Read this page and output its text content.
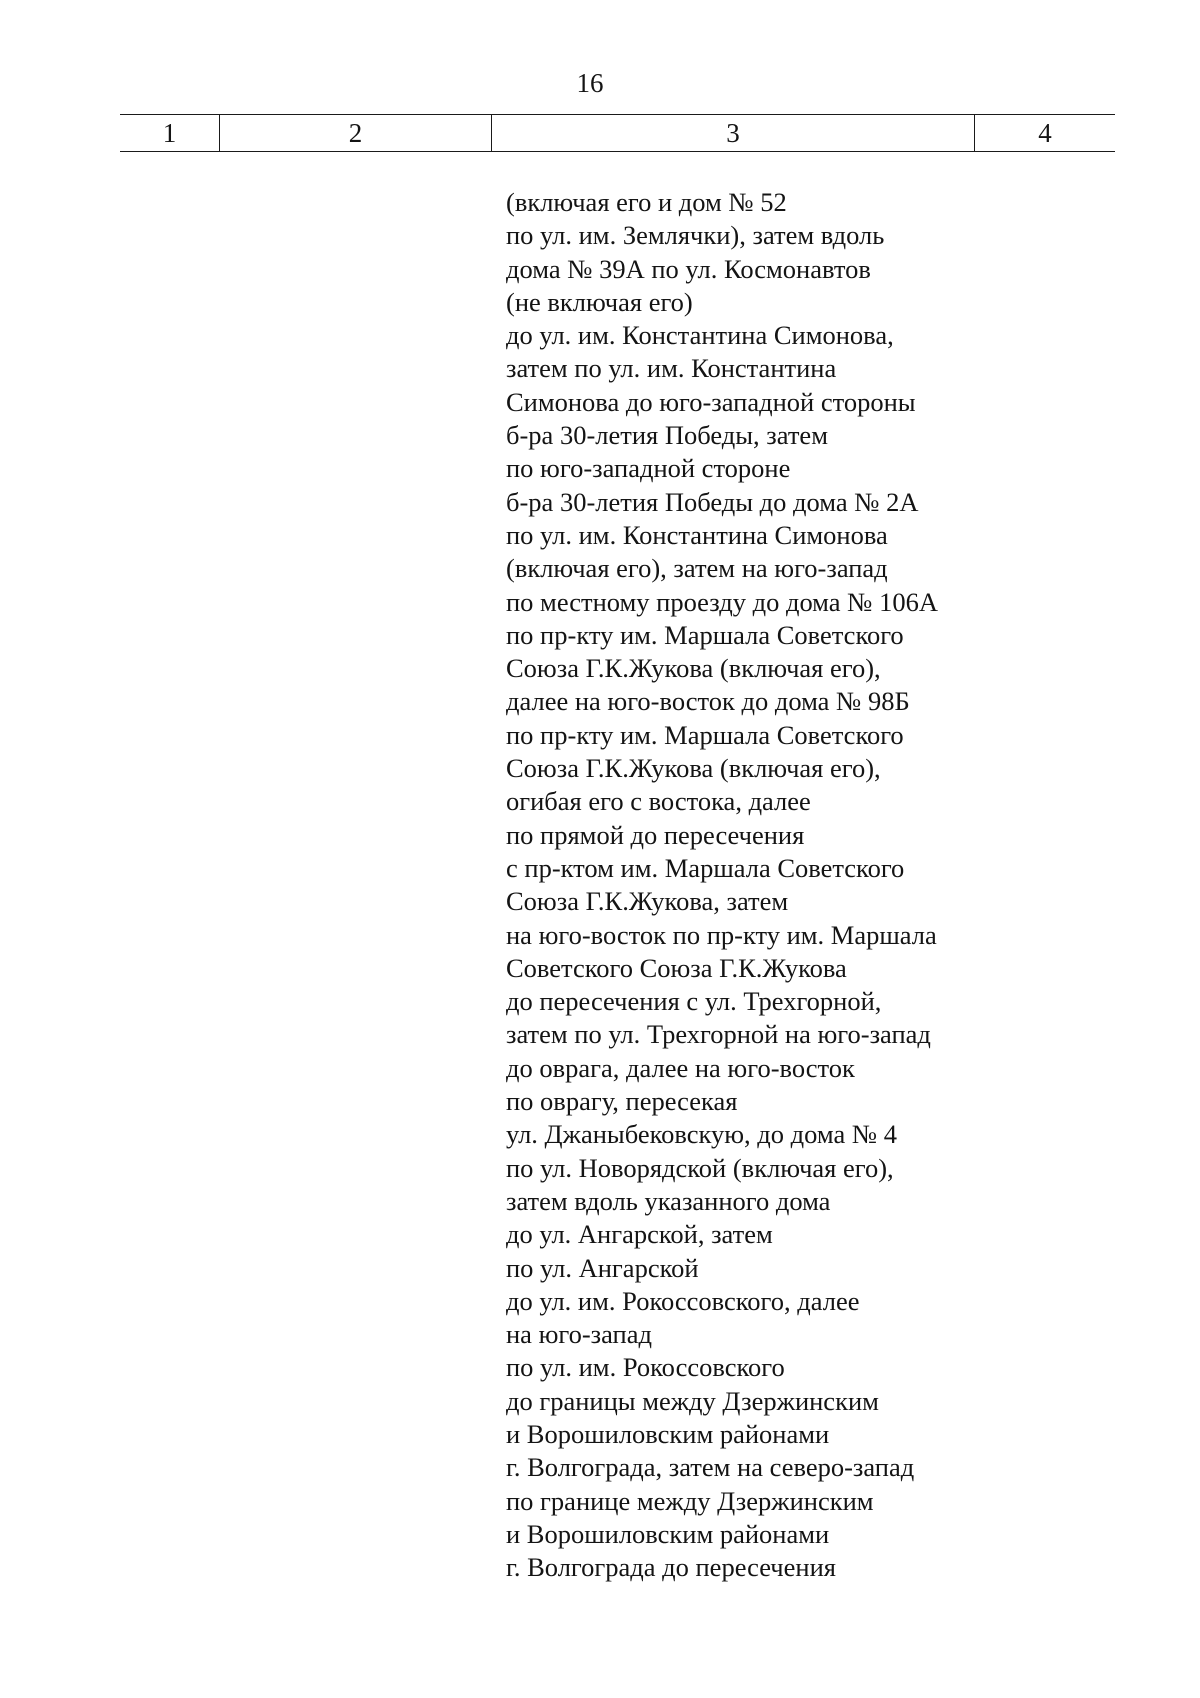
16
1	2	3	4
(включая его и дом № 52
по ул. им. Землячки), затем вдоль
дома № 39А по ул. Космонавтов
(не включая его)
до ул. им. Константина Симонова,
затем по ул. им. Константина
Симонова до юго-западной стороны
б-ра 30-летия Победы, затем
по юго-западной стороне
б-ра 30-летия Победы до дома № 2А
по ул. им. Константина Симонова
(включая его), затем на юго-запад
по местному проезду до дома № 106А
по пр-кту им. Маршала Советского
Союза Г.К.Жукова (включая его),
далее на юго-восток до дома № 98Б
по пр-кту им. Маршала Советского
Союза Г.К.Жукова (включая его),
огибая его с востока, далее
по прямой до пересечения
с пр-ктом им. Маршала Советского
Союза Г.К.Жукова, затем
на юго-восток по пр-кту им. Маршала
Советского Союза Г.К.Жукова
до пересечения с ул. Трехгорной,
затем по ул. Трехгорной на юго-запад
до оврага, далее на юго-восток
по оврагу, пересекая
ул. Джаныбековскую, до дома № 4
по ул. Новорядской (включая его),
затем вдоль указанного дома
до ул. Ангарской, затем
по ул. Ангарской
до ул. им. Рокоссовского, далее
на юго-запад
по ул. им. Рокоссовского
до границы между Дзержинским
и Ворошиловским районами
г. Волгограда, затем на северо-запад
по границе между Дзержинским
и Ворошиловским районами
г. Волгограда до пересечения
